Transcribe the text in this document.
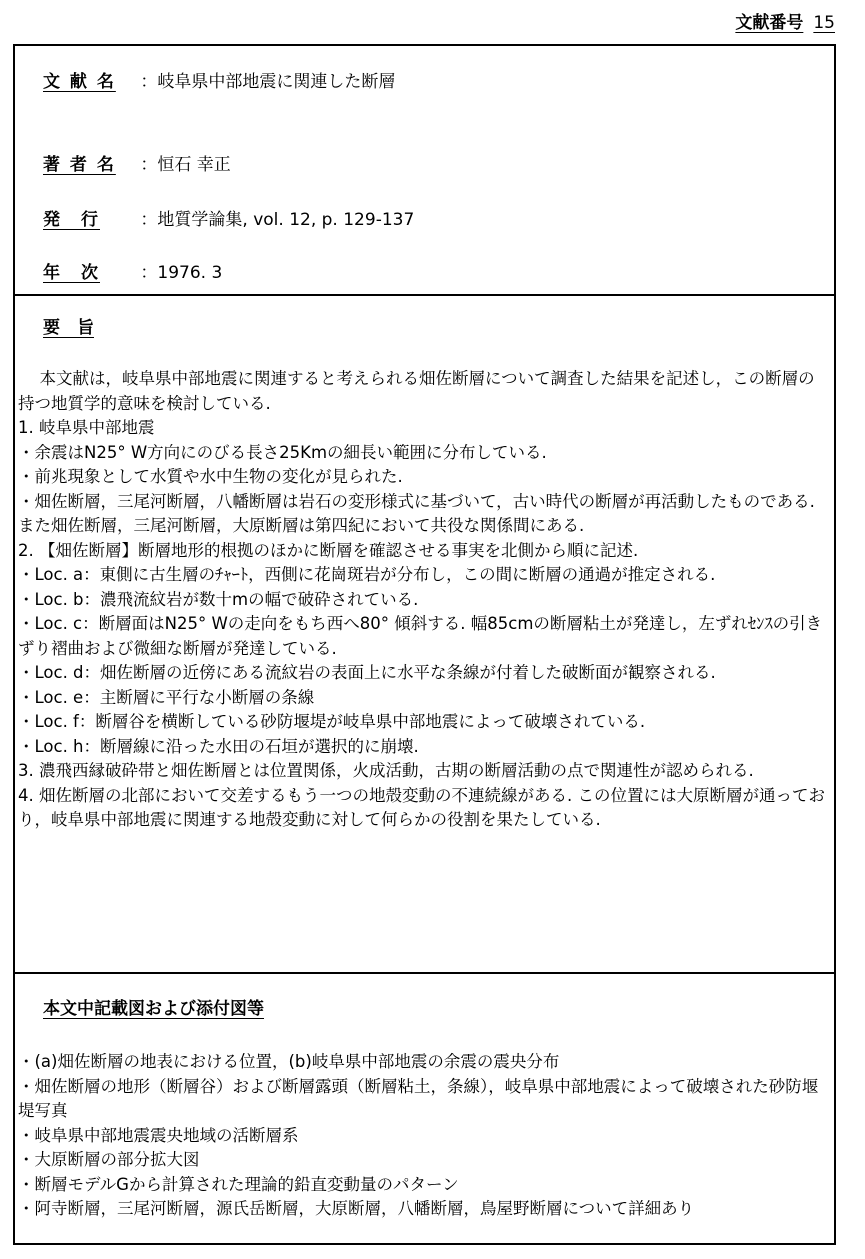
文献番号 15
文 献 名 ：岐阜県中部地震に関連した断層
著 者 名 ：恒石 幸正
発　行 ：地質学論集, vol. 12, p. 129-137
年　次 ：1976. 3
要　旨

本文献は，岐阜県中部地震に関連すると考えられる畑佐断層について調査した結果を記述し，この断層の持つ地質学的意味を検討している.

1. 岐阜県中部地震

・余震はN25° W方向にのびる長さ25Kmの細長い範囲に分布している.

・前兆現象として水質や水中生物の変化が見られた.

・畑佐断層，三尾河断層，八幡断層は岩石の変形様式に基づいて，古い時代の断層が再活動したものである. また畑佐断層，三尾河断層，大原断層は第四紀において共役な関係間にある.

2. 【畑佐断層】断層地形的根拠のほかに断層を確認させる事実を北側から順に記述.

・Loc. a：東側に古生層のﾁｬｰﾄ，西側に花崗斑岩が分布し，この間に断層の通過が推定される.

・Loc. b：濃飛流紋岩が数十mの幅で破砕されている.

・Loc. c：断層面はN25° Wの走向をもち西へ80° 傾斜する. 幅85cmの断層粘土が発達し，左ずれｾﾝｽの引きずり褶曲および微細な断層が発達している.

・Loc. d：畑佐断層の近傍にある流紋岩の表面上に水平な条線が付着した破断面が観察される.

・Loc. e：主断層に平行な小断層の条線

・Loc. f：断層谷を横断している砂防堰堤が岐阜県中部地震によって破壊されている.

・Loc. h：断層線に沿った水田の石垣が選択的に崩壊.

3. 濃飛西縁破砕帯と畑佐断層とは位置関係，火成活動，古期の断層活動の点で関連性が認められる.

4. 畑佐断層の北部において交差するもう一つの地殻変動の不連続線がある. この位置には大原断層が通っており，岐阜県中部地震に関連する地殻変動に対して何らかの役割を果たしている.

本文中記載図および添付図等

・(a)畑佐断層の地表における位置，(b)岐阜県中部地震の余震の震央分布

・畑佐断層の地形（断層谷）および断層露頭（断層粘土，条線），岐阜県中部地震によって破壊された砂防堰堤写真

・岐阜県中部地震震央地域の活断層系

・大原断層の部分拡大図

・断層モデルGから計算された理論的鉛直変動量のパターン

・阿寺断層，三尾河断層，源氏岳断層，大原断層，八幡断層，鳥屋野断層について詳細あり
